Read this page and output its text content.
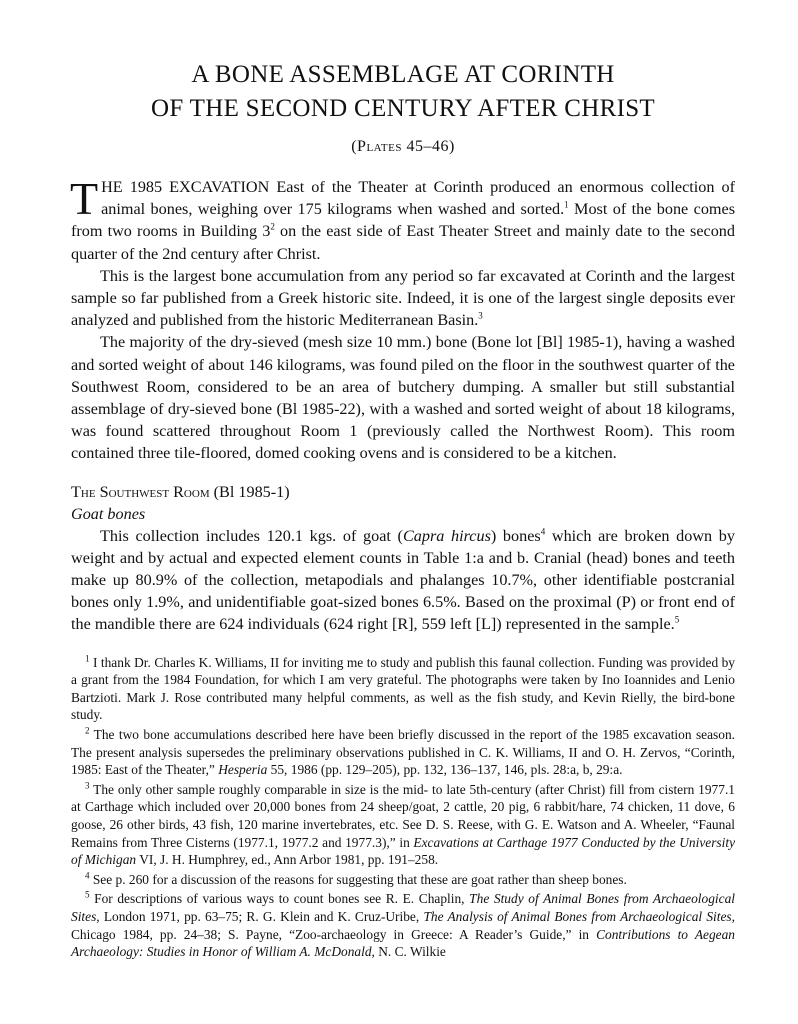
A BONE ASSEMBLAGE AT CORINTH
OF THE SECOND CENTURY AFTER CHRIST
(Plates 45–46)

THE 1985 EXCAVATION East of the Theater at Corinth produced an enormous collection of animal bones, weighing over 175 kilograms when washed and sorted.$^1$ Most of the bone comes from two rooms in Building $3^2$ on the east side of East Theater Street and mainly date to the second quarter of the 2nd century after Christ.

This is the largest bone accumulation from any period so far excavated at Corinth and the largest sample so far published from a Greek historic site. Indeed, it is one of the largest single deposits ever analyzed and published from the historic Mediterranean Basin.$^3$

The majority of the dry-sieved (mesh size 10 mm.) bone (Bone lot [Bl] 1985-1), having a washed and sorted weight of about 146 kilograms, was found piled on the floor in the southwest quarter of the Southwest Room, considered to be an area of butchery dumping. A smaller but still substantial assemblage of dry-sieved bone (Bl 1985-22), with a washed and sorted weight of about 18 kilograms, was found scattered throughout Room 1 (previously called the Northwest Room). This room contained three tile-floored, domed cooking ovens and is considered to be a kitchen.

The Southwest Room (Bl 1985-1)
Goat bones

This collection includes 120.1 kgs. of goat (Capra hircus) bones$^4$ which are broken down by weight and by actual and expected element counts in Table 1:a and b. Cranial (head) bones and teeth make up 80.9% of the collection, metapodials and phalanges 10.7%, other identifiable postcranial bones only 1.9%, and unidentifiable goat-sized bones 6.5%. Based on the proximal (P) or front end of the mandible there are 624 individuals (624 right [R], 559 left [L]) represented in the sample.$^5$

$^1$ I thank Dr. Charles K. Williams, II for inviting me to study and publish this faunal collection. Funding was provided by a grant from the 1984 Foundation, for which I am very grateful. The photographs were taken by Ino Ioannides and Lenio Bartzioti. Mark J. Rose contributed many helpful comments, as well as the fish study, and Kevin Rielly, the bird-bone study.

$^2$ The two bone accumulations described here have been briefly discussed in the report of the 1985 excavation season. The present analysis supersedes the preliminary observations published in C. K. Williams, II and O. H. Zervos, “Corinth, 1985: East of the Theater,” Hesperia 55, 1986 (pp. 129–205), pp. 132, 136–137, 146, pls. 28:a, b, 29:a.

$^3$ The only other sample roughly comparable in size is the mid- to late 5th-century (after Christ) fill from cistern 1977.1 at Carthage which included over 20,000 bones from 24 sheep/goat, 2 cattle, 20 pig, 6 rabbit/hare, 74 chicken, 11 dove, 6 goose, 26 other birds, 43 fish, 120 marine invertebrates, etc. See D. S. Reese, with G. E. Watson and A. Wheeler, “Faunal Remains from Three Cisterns (1977.1, 1977.2 and 1977.3),” in Excavations at Carthage 1977 Conducted by the University of Michigan VI, J. H. Humphrey, ed., Ann Arbor 1981, pp. 191–258.

$^4$ See p. 260 for a discussion of the reasons for suggesting that these are goat rather than sheep bones.

$^5$ For descriptions of various ways to count bones see R. E. Chaplin, The Study of Animal Bones from Archaeological Sites, London 1971, pp. 63–75; R. G. Klein and K. Cruz-Uribe, The Analysis of Animal Bones from Archaeological Sites, Chicago 1984, pp. 24–38; S. Payne, “Zoo-archaeology in Greece: A Reader’s Guide,” in Contributions to Aegean Archaeology: Studies in Honor of William A. McDonald, N. C. Wilkie
